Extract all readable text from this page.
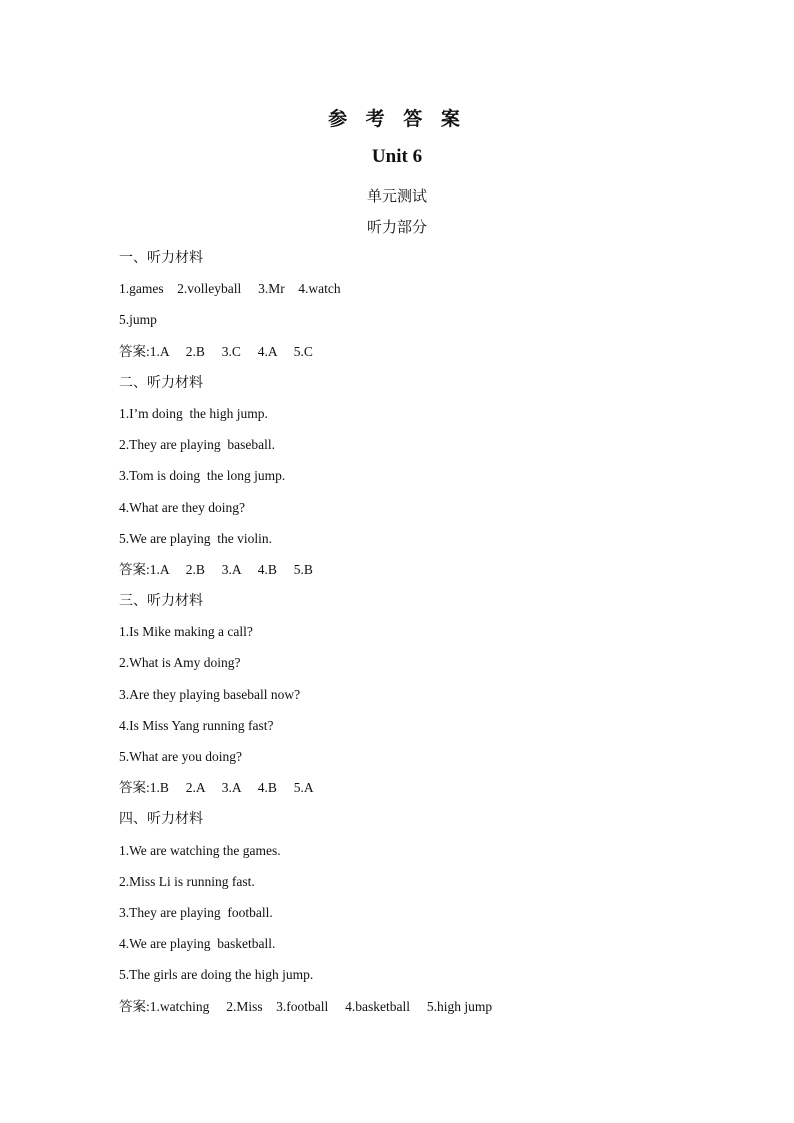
参 考 答 案
Unit 6
单元测试
听力部分
一、听力材料
1.games    2.volleyball     3.Mr    4.watch
5.jump
答案:1.A     2.B     3.C     4.A     5.C
二、听力材料
1.I’m doing  the high jump.
2.They are playing  baseball.
3.Tom is doing  the long jump.
4.What are they doing?
5.We are playing  the violin.
答案:1.A     2.B     3.A     4.B     5.B
三、听力材料
1.Is Mike making a call?
2.What is Amy doing?
3.Are they playing baseball now?
4.Is Miss Yang running fast?
5.What are you doing?
答案:1.B     2.A     3.A     4.B     5.A
四、听力材料
1.We are watching the games.
2.Miss Li is running fast.
3.They are playing  football.
4.We are playing  basketball.
5.The girls are doing the high jump.
答案:1.watching     2.Miss    3.football     4.basketball     5.high jump
